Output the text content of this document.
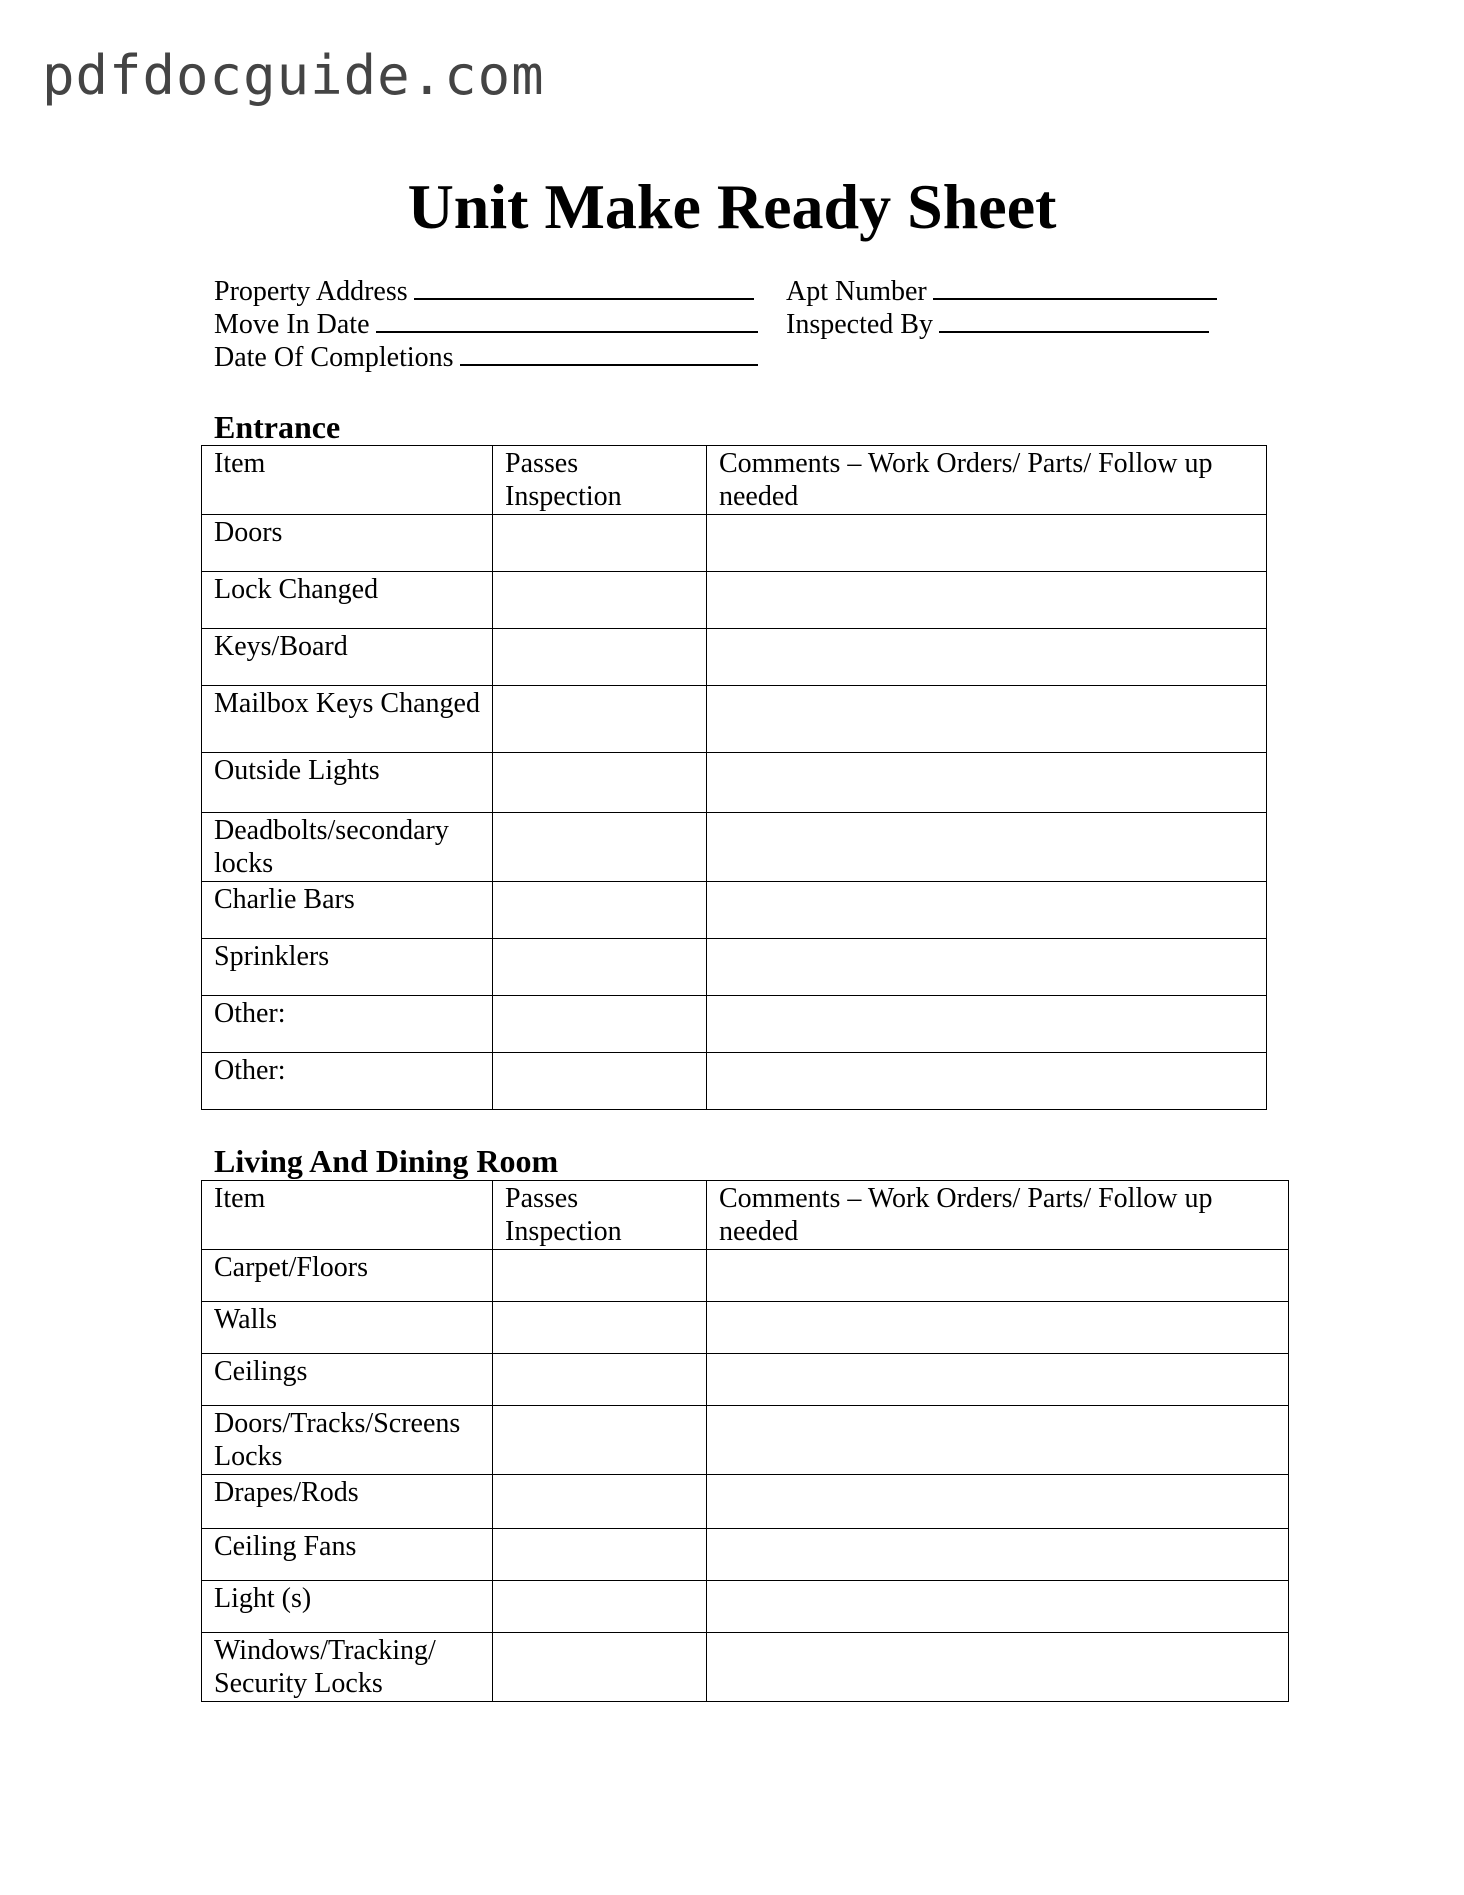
pdfdocguide.com
Unit Make Ready Sheet
Property Address	Apt Number
Move In Date	Inspected By
Date Of Completions
Entrance
Item	Passes Inspection	Comments – Work Orders/ Parts/ Follow up needed
Doors		
Lock Changed		
Keys/Board		
Mailbox Keys Changed		
Outside Lights		
Deadbolts/secondary locks		
Charlie Bars		
Sprinklers		
Other:		
Other:		
Living And Dining Room
Item	Passes Inspection	Comments – Work Orders/ Parts/ Follow up needed
Carpet/Floors		
Walls		
Ceilings		
Doors/Tracks/Screens Locks		
Drapes/Rods		
Ceiling Fans		
Light (s)		
Windows/Tracking/ Security Locks		
